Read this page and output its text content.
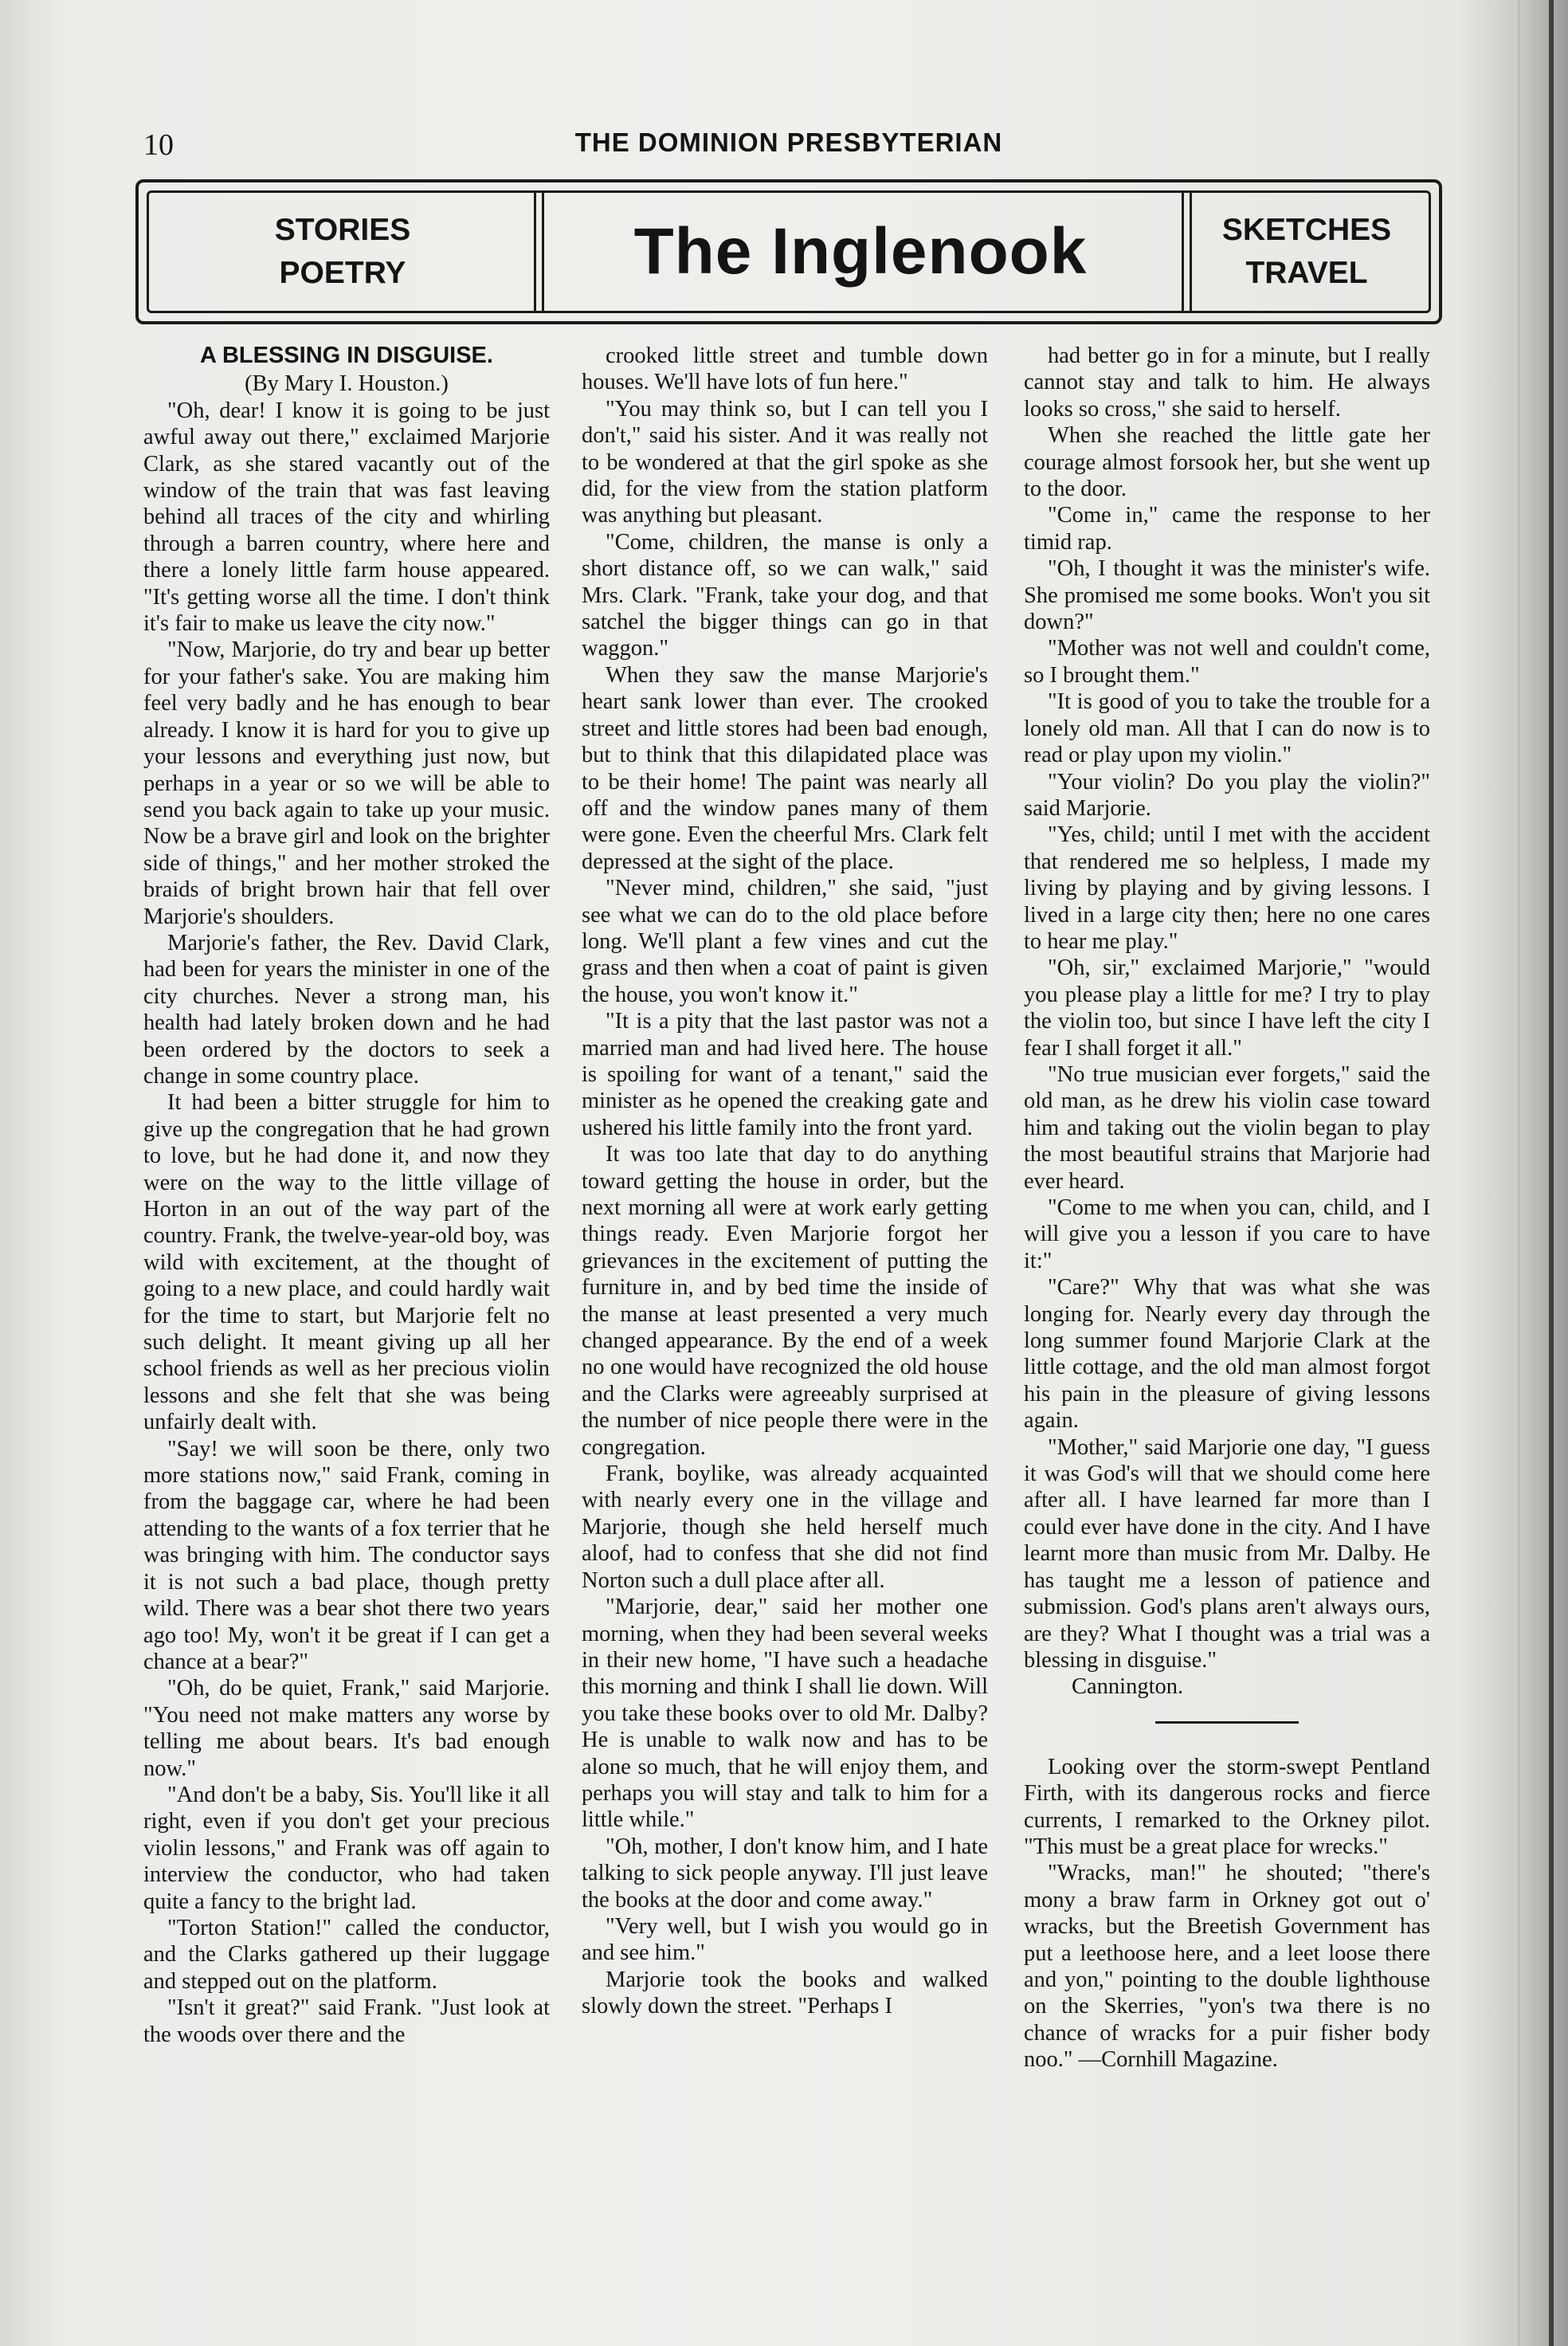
10	THE DOMINION PRESBYTERIAN
STORIES
POETRY	The Inglenook	SKETCHES
TRAVEL

A BLESSING IN DISGUISE.

(By Mary I. Houston.)

"Oh, dear! I know it is going to be just awful away out there," exclaimed Marjorie Clark, as she stared vacantly out of the window of the train that was fast leaving behind all traces of the city and whirling through a barren country, where here and there a lonely little farm house appeared. "It's getting worse all the time. I don't think it's fair to make us leave the city now."

"Now, Marjorie, do try and bear up better for your father's sake. You are making him feel very badly and he has enough to bear already. I know it is hard for you to give up your lessons and everything just now, but perhaps in a year or so we will be able to send you back again to take up your music. Now be a brave girl and look on the brighter side of things," and her mother stroked the braids of bright brown hair that fell over Marjorie's shoulders.

Marjorie's father, the Rev. David Clark, had been for years the minister in one of the city churches. Never a strong man, his health had lately broken down and he had been ordered by the doctors to seek a change in some country place.

It had been a bitter struggle for him to give up the congregation that he had grown to love, but he had done it, and now they were on the way to the little village of Horton in an out of the way part of the country. Frank, the twelve-year-old boy, was wild with excitement, at the thought of going to a new place, and could hardly wait for the time to start, but Marjorie felt no such delight. It meant giving up all her school friends as well as her precious violin lessons and she felt that she was being unfairly dealt with.

"Say! we will soon be there, only two more stations now," said Frank, coming in from the baggage car, where he had been attending to the wants of a fox terrier that he was bringing with him. The conductor says it is not such a bad place, though pretty wild. There was a bear shot there two years ago too! My, won't it be great if I can get a chance at a bear?"

"Oh, do be quiet, Frank," said Marjorie. "You need not make matters any worse by telling me about bears. It's bad enough now."

"And don't be a baby, Sis. You'll like it all right, even if you don't get your precious violin lessons," and Frank was off again to interview the conductor, who had taken quite a fancy to the bright lad.

"Torton Station!" called the conductor, and the Clarks gathered up their luggage and stepped out on the platform.

"Isn't it great?" said Frank. "Just look at the woods over there and the

crooked little street and tumble down houses. We'll have lots of fun here."

"You may think so, but I can tell you I don't," said his sister. And it was really not to be wondered at that the girl spoke as she did, for the view from the station platform was anything but pleasant.

"Come, children, the manse is only a short distance off, so we can walk," said Mrs. Clark. "Frank, take your dog, and that satchel the bigger things can go in that waggon."

When they saw the manse Marjorie's heart sank lower than ever. The crooked street and little stores had been bad enough, but to think that this dilapidated place was to be their home! The paint was nearly all off and the window panes many of them were gone. Even the cheerful Mrs. Clark felt depressed at the sight of the place.

"Never mind, children," she said, "just see what we can do to the old place before long. We'll plant a few vines and cut the grass and then when a coat of paint is given the house, you won't know it."

"It is a pity that the last pastor was not a married man and had lived here. The house is spoiling for want of a tenant," said the minister as he opened the creaking gate and ushered his little family into the front yard.

It was too late that day to do anything toward getting the house in order, but the next morning all were at work early getting things ready. Even Marjorie forgot her grievances in the excitement of putting the furniture in, and by bed time the inside of the manse at least presented a very much changed appearance. By the end of a week no one would have recognized the old house and the Clarks were agreeably surprised at the number of nice people there were in the congregation.

Frank, boylike, was already acquainted with nearly every one in the village and Marjorie, though she held herself much aloof, had to confess that she did not find Norton such a dull place after all.

"Marjorie, dear," said her mother one morning, when they had been several weeks in their new home, "I have such a headache this morning and think I shall lie down. Will you take these books over to old Mr. Dalby? He is unable to walk now and has to be alone so much, that he will enjoy them, and perhaps you will stay and talk to him for a little while."

"Oh, mother, I don't know him, and I hate talking to sick people anyway. I'll just leave the books at the door and come away."

"Very well, but I wish you would go in and see him."

Marjorie took the books and walked slowly down the street. "Perhaps I

had better go in for a minute, but I really cannot stay and talk to him. He always looks so cross," she said to herself.

When she reached the little gate her courage almost forsook her, but she went up to the door.

"Come in," came the response to her timid rap.

"Oh, I thought it was the minister's wife. She promised me some books. Won't you sit down?"

"Mother was not well and couldn't come, so I brought them."

"It is good of you to take the trouble for a lonely old man. All that I can do now is to read or play upon my violin."

"Your violin? Do you play the violin?" said Marjorie.

"Yes, child; until I met with the accident that rendered me so helpless, I made my living by playing and by giving lessons. I lived in a large city then; here no one cares to hear me play."

"Oh, sir," exclaimed Marjorie," "would you please play a little for me? I try to play the violin too, but since I have left the city I fear I shall forget it all."

"No true musician ever forgets," said the old man, as he drew his violin case toward him and taking out the violin began to play the most beautiful strains that Marjorie had ever heard.

"Come to me when you can, child, and I will give you a lesson if you care to have it:"

"Care?" Why that was what she was longing for. Nearly every day through the long summer found Marjorie Clark at the little cottage, and the old man almost forgot his pain in the pleasure of giving lessons again.

"Mother," said Marjorie one day, "I guess it was God's will that we should come here after all. I have learned far more than I could ever have done in the city. And I have learnt more than music from Mr. Dalby. He has taught me a lesson of patience and submission. God's plans aren't always ours, are they? What I thought was a trial was a blessing in disguise."

Cannington.

Looking over the storm-swept Pentland Firth, with its dangerous rocks and fierce currents, I remarked to the Orkney pilot. "This must be a great place for wrecks."

"Wracks, man!" he shouted; "there's mony a braw farm in Orkney got out o' wracks, but the Breetish Government has put a leethoose here, and a leet loose there and yon," pointing to the double lighthouse on the Skerries, "yon's twa there is no chance of wracks for a puir fisher body noo." —Cornhill Magazine.
